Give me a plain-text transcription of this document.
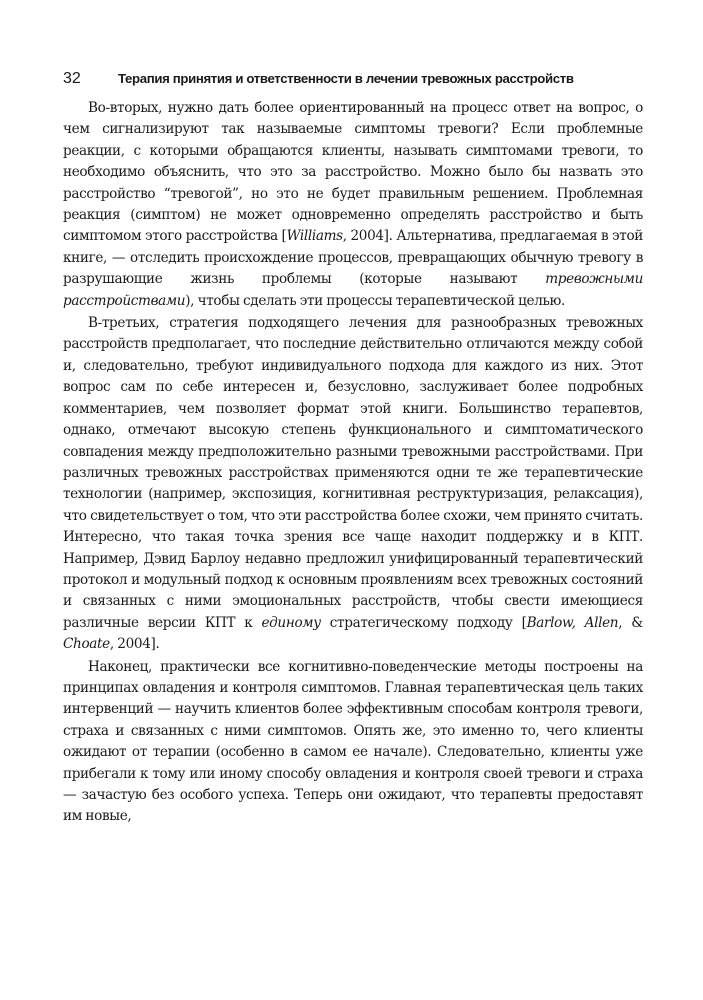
32	Терапия принятия и ответственности в лечении тревожных расстройств

Во-вторых, нужно дать более ориентированный на процесс ответ на вопрос, о чем сигнализируют так называемые симптомы тревоги? Если проблемные реакции, с которыми обращаются клиенты, называть симптомами тревоги, то необходимо объяснить, что это за расстройство. Можно было бы назвать это расстройство “тревогой”, но это не будет правильным решением. Проблемная реакция (симптом) не может одновременно определять расстройство и быть симптомом этого расстройства [Williams, 2004]. Альтернатива, предлагаемая в этой книге, — отследить происхождение процессов, превращающих обычную тревогу в разрушающие жизнь проблемы (которые называют тревожными расстройствами), чтобы сделать эти процессы терапевтической целью.

В-третьих, стратегия подходящего лечения для разнообразных тревожных расстройств предполагает, что последние действительно отличаются между собой и, следовательно, требуют индивидуального подхода для каждого из них. Этот вопрос сам по себе интересен и, безусловно, заслуживает более подробных комментариев, чем позволяет формат этой книги. Большинство терапевтов, однако, отмечают высокую степень функционального и симптоматического совпадения между предположительно разными тревожными расстройствами. При различных тревожных расстройствах применяются одни те же терапевтические технологии (например, экспозиция, когнитивная реструктуризация, релаксация), что свидетельствует о том, что эти расстройства более схожи, чем принято считать. Интересно, что такая точка зрения все чаще находит поддержку и в КПТ. Например, Дэвид Барлоу недавно предложил унифицированный терапевтический протокол и модульный подход к основным проявлениям всех тревожных состояний и связанных с ними эмоциональных расстройств, чтобы свести имеющиеся различные версии КПТ к единому стратегическому подходу [Barlow, Allen, & Choate, 2004].

Наконец, практически все когнитивно-поведенческие методы построены на принципах овладения и контроля симптомов. Главная терапевтическая цель таких интервенций — научить клиентов более эффективным способам контроля тревоги, страха и связанных с ними симптомов. Опять же, это именно то, чего клиенты ожидают от терапии (особенно в самом ее начале). Следовательно, клиенты уже прибегали к тому или иному способу овладения и контроля своей тревоги и страха — зачастую без особого успеха. Теперь они ожидают, что терапевты предоставят им новые,
